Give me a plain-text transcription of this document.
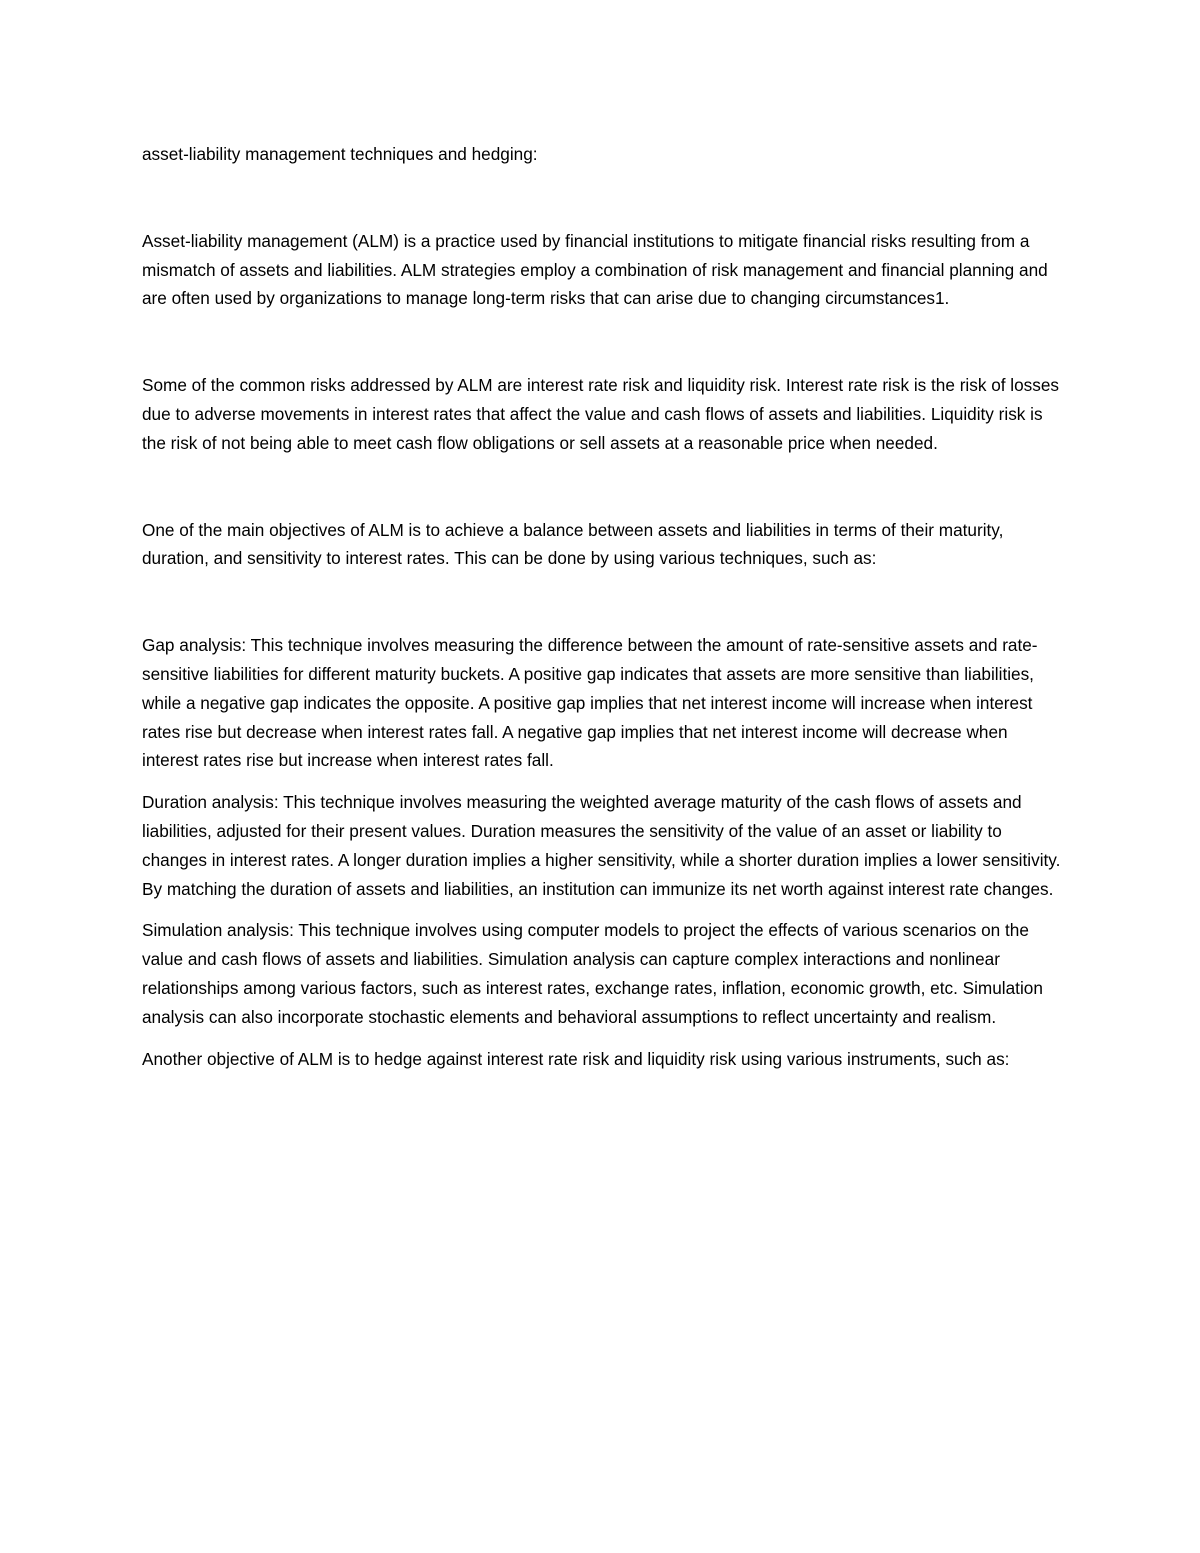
asset-liability management techniques and hedging:

Asset-liability management (ALM) is a practice used by financial institutions to mitigate financial risks resulting from a mismatch of assets and liabilities. ALM strategies employ a combination of risk management and financial planning and are often used by organizations to manage long-term risks that can arise due to changing circumstances1.

Some of the common risks addressed by ALM are interest rate risk and liquidity risk. Interest rate risk is the risk of losses due to adverse movements in interest rates that affect the value and cash flows of assets and liabilities. Liquidity risk is the risk of not being able to meet cash flow obligations or sell assets at a reasonable price when needed.

One of the main objectives of ALM is to achieve a balance between assets and liabilities in terms of their maturity, duration, and sensitivity to interest rates. This can be done by using various techniques, such as:

Gap analysis: This technique involves measuring the difference between the amount of rate-sensitive assets and rate-sensitive liabilities for different maturity buckets. A positive gap indicates that assets are more sensitive than liabilities, while a negative gap indicates the opposite. A positive gap implies that net interest income will increase when interest rates rise but decrease when interest rates fall. A negative gap implies that net interest income will decrease when interest rates rise but increase when interest rates fall.

Duration analysis: This technique involves measuring the weighted average maturity of the cash flows of assets and liabilities, adjusted for their present values. Duration measures the sensitivity of the value of an asset or liability to changes in interest rates. A longer duration implies a higher sensitivity, while a shorter duration implies a lower sensitivity. By matching the duration of assets and liabilities, an institution can immunize its net worth against interest rate changes.

Simulation analysis: This technique involves using computer models to project the effects of various scenarios on the value and cash flows of assets and liabilities. Simulation analysis can capture complex interactions and nonlinear relationships among various factors, such as interest rates, exchange rates, inflation, economic growth, etc. Simulation analysis can also incorporate stochastic elements and behavioral assumptions to reflect uncertainty and realism.

Another objective of ALM is to hedge against interest rate risk and liquidity risk using various instruments, such as:
